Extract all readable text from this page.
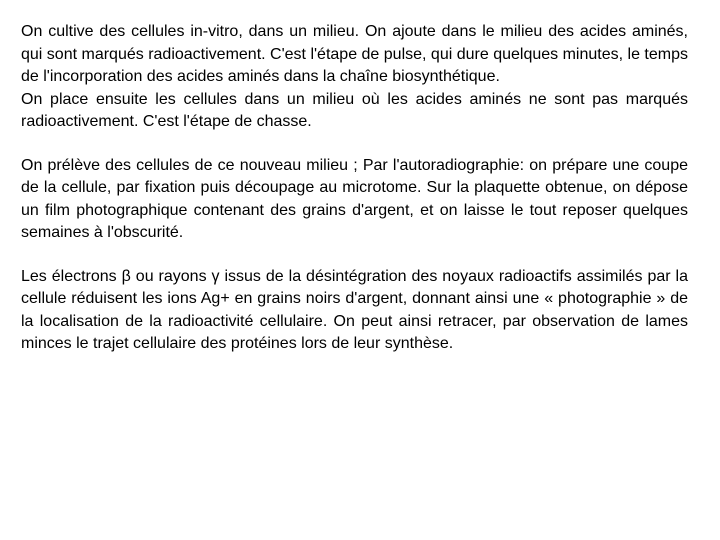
On cultive des cellules in-vitro, dans un milieu. On ajoute dans le milieu des acides aminés, qui sont marqués radioactivement. C'est l'étape de pulse, qui dure quelques minutes, le temps de l'incorporation des acides aminés dans la chaîne biosynthétique.

On place ensuite les cellules dans un milieu où les acides aminés ne sont pas marqués radioactivement. C'est l'étape de chasse.

On prélève des cellules de ce nouveau milieu ; Par l'autoradiographie: on prépare une coupe de la cellule, par fixation puis découpage au microtome. Sur la plaquette obtenue, on dépose un film photographique contenant des grains d'argent, et on laisse le tout reposer quelques semaines à l'obscurité.

Les électrons β ou rayons γ issus de la désintégration des noyaux radioactifs assimilés par la cellule réduisent les ions Ag+ en grains noirs d'argent, donnant ainsi une « photographie » de la localisation de la radioactivité cellulaire. On peut ainsi retracer, par observation de lames minces le trajet cellulaire des protéines lors de leur synthèse.
